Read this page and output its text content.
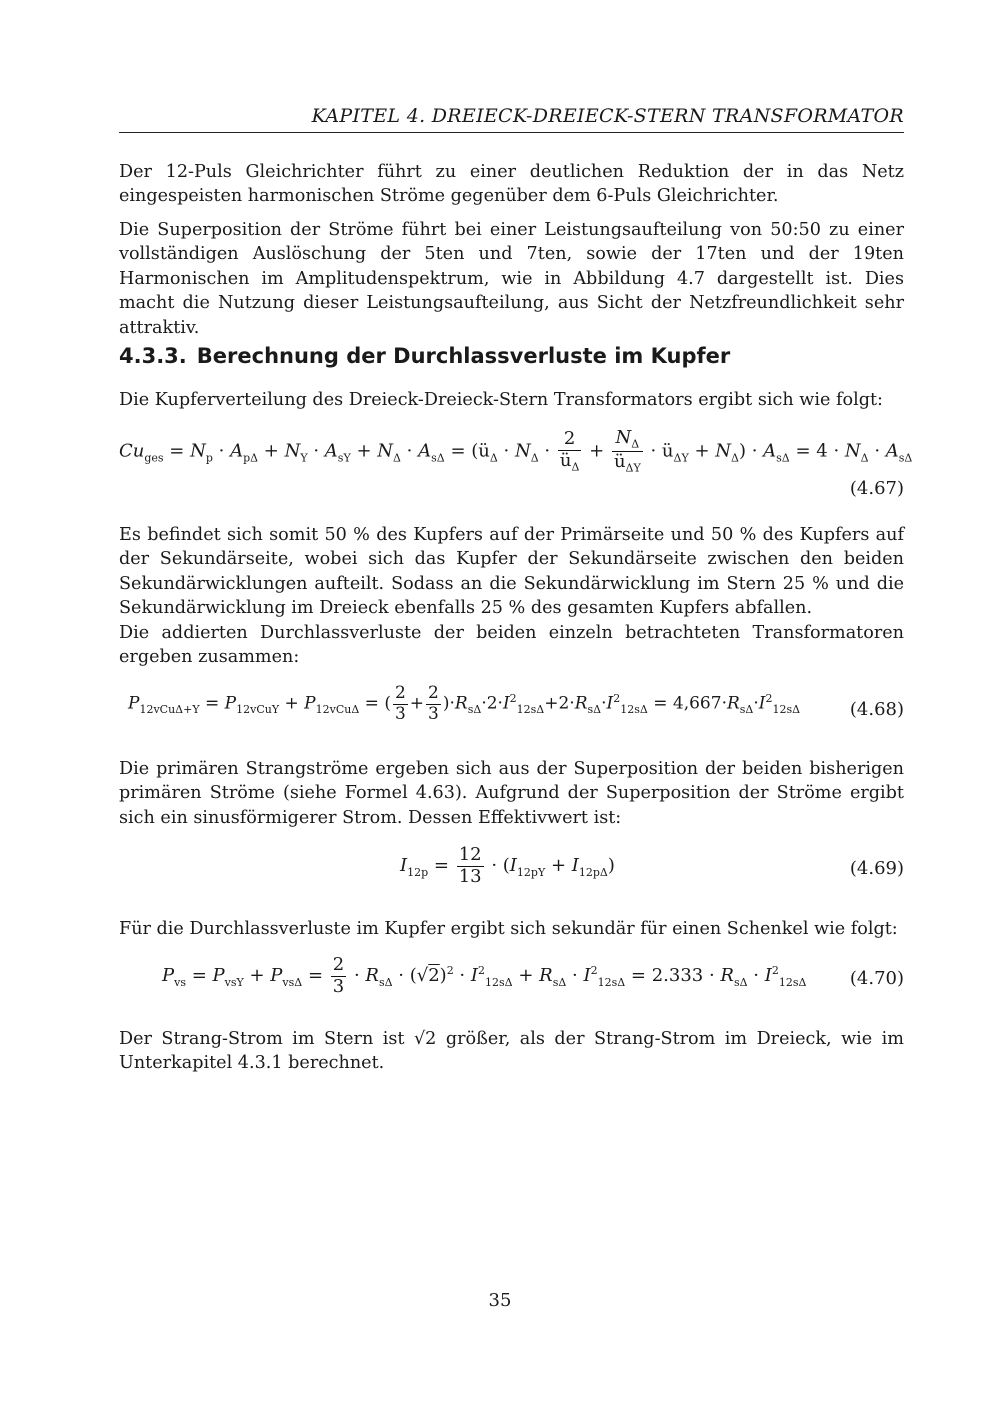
KAPITEL 4. DREIECK-DREIECK-STERN TRANSFORMATOR

Der 12-Puls Gleichrichter führt zu einer deutlichen Reduktion der in das Netz eingespeisten harmonischen Ströme gegenüber dem 6-Puls Gleichrichter.

Die Superposition der Ströme führt bei einer Leistungsaufteilung von 50:50 zu einer vollständigen Auslöschung der 5ten und 7ten, sowie der 17ten und der 19ten Harmonischen im Amplitudenspektrum, wie in Abbildung 4.7 dargestellt ist. Dies macht die Nutzung dieser Leistungsaufteilung, aus Sicht der Netzfreundlichkeit sehr attraktiv.

4.3.3. Berechnung der Durchlassverluste im Kupfer

Die Kupferverteilung des Dreieck-Dreieck-Stern Transformators ergibt sich wie folgt:

$Cu_{ges} = N_p \cdot A_{p\Delta} + N_Y \cdot A_{sY} + N_\Delta \cdot A_{s\Delta}$ = ($ü_\Delta \cdot N_\Delta \cdot \frac{2}{ü_\Delta} + \frac{N_\Delta}{ü_{\Delta Y}}$ · $ü_{\Delta Y} + N_\Delta) \cdot A_{s\Delta} = 4 \cdot N_\Delta \cdot A_{s\Delta}$
(4.67)

Es befindet sich somit 50 % des Kupfers auf der Primärseite und 50 % des Kupfers auf der Sekundärseite, wobei sich das Kupfer der Sekundärseite zwischen den beiden Sekundärwicklungen aufteilt. Sodass an die Sekundärwicklung im Stern 25 % und die Sekundärwicklung im Dreieck ebenfalls 25 % des gesamten Kupfers abfallen.

Die addierten Durchlassverluste der beiden einzeln betrachteten Transformatoren ergeben zusammen:

$P_{12vCu\Delta+Y} = P_{12vCuY} + P_{12vCu\Delta}$ = ( $\frac{2}{3} + \frac{2}{3} )\cdot R_{s\Delta}\cdot 2\cdot I^2_{12s\Delta}+2\cdot R_{s\Delta}\cdot I^2_{12s\Delta} = 4,667\cdot R_{s\Delta}\cdot I^2_{12s\Delta}$	(4.68)

Die primären Strangströme ergeben sich aus der Superposition der beiden bisherigen primären Ströme (siehe Formel 4.63). Aufgrund der Superposition der Ströme ergibt sich ein sinusförmigerer Strom. Dessen Effektivwert ist:

$I_{12p} = \frac{12}{13} \cdot (I_{12pY} + I_{12p\Delta})$	(4.69)

Für die Durchlassverluste im Kupfer ergibt sich sekundär für einen Schenkel wie folgt:

$P_{vs} = P_{vsY} + P_{vs\Delta} = \frac{2}{3} \cdot R_{s\Delta} \cdot (√2)^2 \cdot I^2_{12s\Delta} + R_{s\Delta} \cdot I^2_{12s\Delta} = 2.333 \cdot R_{s\Delta} \cdot I^2_{12s\Delta}$ (4.70)

Der Strang-Strom im Stern ist √2 größer, als der Strang-Strom im Dreieck, wie im Unterkapitel 4.3.1 berechnet.

35
